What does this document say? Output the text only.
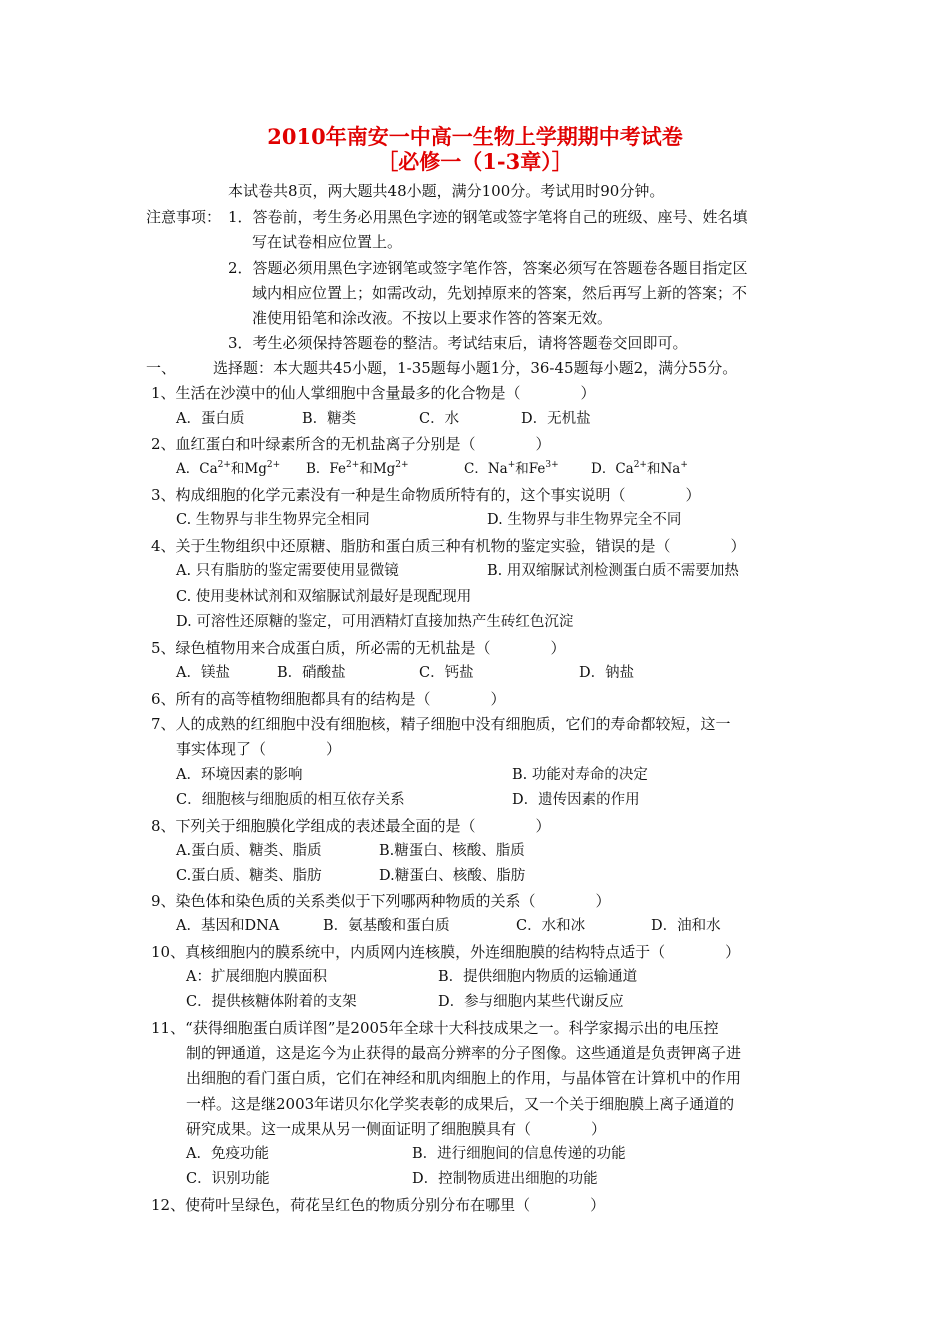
2010年南安一中高一生物上学期期中考试卷
［必修一（1-3章）］
本试卷共8页，两大题共48小题，满分100分。考试用时90分钟。
注意事项： 1．答卷前，考生务必用黑色字迹的钢笔或签字笔将自己的班级、座号、姓名填
写在试卷相应位置上。
2．答题必须用黑色字迹钢笔或签字笔作答，答案必须写在答题卷各题目指定区
域内相应位置上；如需改动，先划掉原来的答案，然后再写上新的答案；不
准使用铅笔和涂改液。不按以上要求作答的答案无效。
3．考生必须保持答题卷的整洁。考试结束后，请将答题卷交回即可。
一、 选择题：本大题共45小题，1-35题每小题1分，36-45题每小题2，满分55分。
1、生活在沙漠中的仙人掌细胞中含量最多的化合物是（　　　　）
A．蛋白质	B．糖类	C．水	D．无机盐
2、血红蛋白和叶绿素所含的无机盐离子分别是（　　　　）
A．$Ca^{2+}$和$Mg^{2+}$ B．$Fe^{2+}$和$Mg^{2+}$	C．Na+和$Fe^{3+}$ D．$Ca^{2+}$和Na+
3、构成细胞的化学元素没有一种是生命物质所特有的，这个事实说明（　　　　）
C. 生物界与非生物界完全相同	D. 生物界与非生物界完全不同
4、关于生物组织中还原糖、脂肪和蛋白质三种有机物的鉴定实验，错误的是（　　　　）
A. 只有脂肪的鉴定需要使用显微镜	B. 用双缩脲试剂检测蛋白质不需要加热
C. 使用斐林试剂和双缩脲试剂最好是现配现用
D. 可溶性还原糖的鉴定，可用酒精灯直接加热产生砖红色沉淀
5、绿色植物用来合成蛋白质，所必需的无机盐是（　　　　）
A．镁盐	B．硝酸盐	C．钙盐	D．钠盐
6、所有的高等植物细胞都具有的结构是（　　　　）
7、人的成熟的红细胞中没有细胞核，精子细胞中没有细胞质，它们的寿命都较短，这一
事实体现了（　　　　）
A．环境因素的影响	B. 功能对寿命的决定
C．细胞核与细胞质的相互依存关系	D．遗传因素的作用
8、下列关于细胞膜化学组成的表述最全面的是（　　　　）
A.蛋白质、糖类、脂质	B.糖蛋白、核酸、脂质
C.蛋白质、糖类、脂肪	D.糖蛋白、核酸、脂肪
9、染色体和染色质的关系类似于下列哪两种物质的关系（　　　　）
A．基因和DNA	B．氨基酸和蛋白质	C．水和冰	D．油和水
10、真核细胞内的膜系统中，内质网内连核膜，外连细胞膜的结构特点适于（　　　　）
A：扩展细胞内膜面积	B．提供细胞内物质的运输通道
C．提供核糖体附着的支架	D．参与细胞内某些代谢反应
11、“获得细胞蛋白质详图”是2005年全球十大科技成果之一。科学家揭示出的电压控
制的钾通道，这是迄今为止获得的最高分辨率的分子图像。这些通道是负责钾离子进
出细胞的看门蛋白质，它们在神经和肌肉细胞上的作用，与晶体管在计算机中的作用
一样。这是继2003年诺贝尔化学奖表彰的成果后，又一个关于细胞膜上离子通道的
研究成果。这一成果从另一侧面证明了细胞膜具有（　　　　）
A．免疫功能	B．进行细胞间的信息传递的功能
C．识别功能	D．控制物质进出细胞的功能
12、使荷叶呈绿色，荷花呈红色的物质分别分布在哪里（　　　　）
